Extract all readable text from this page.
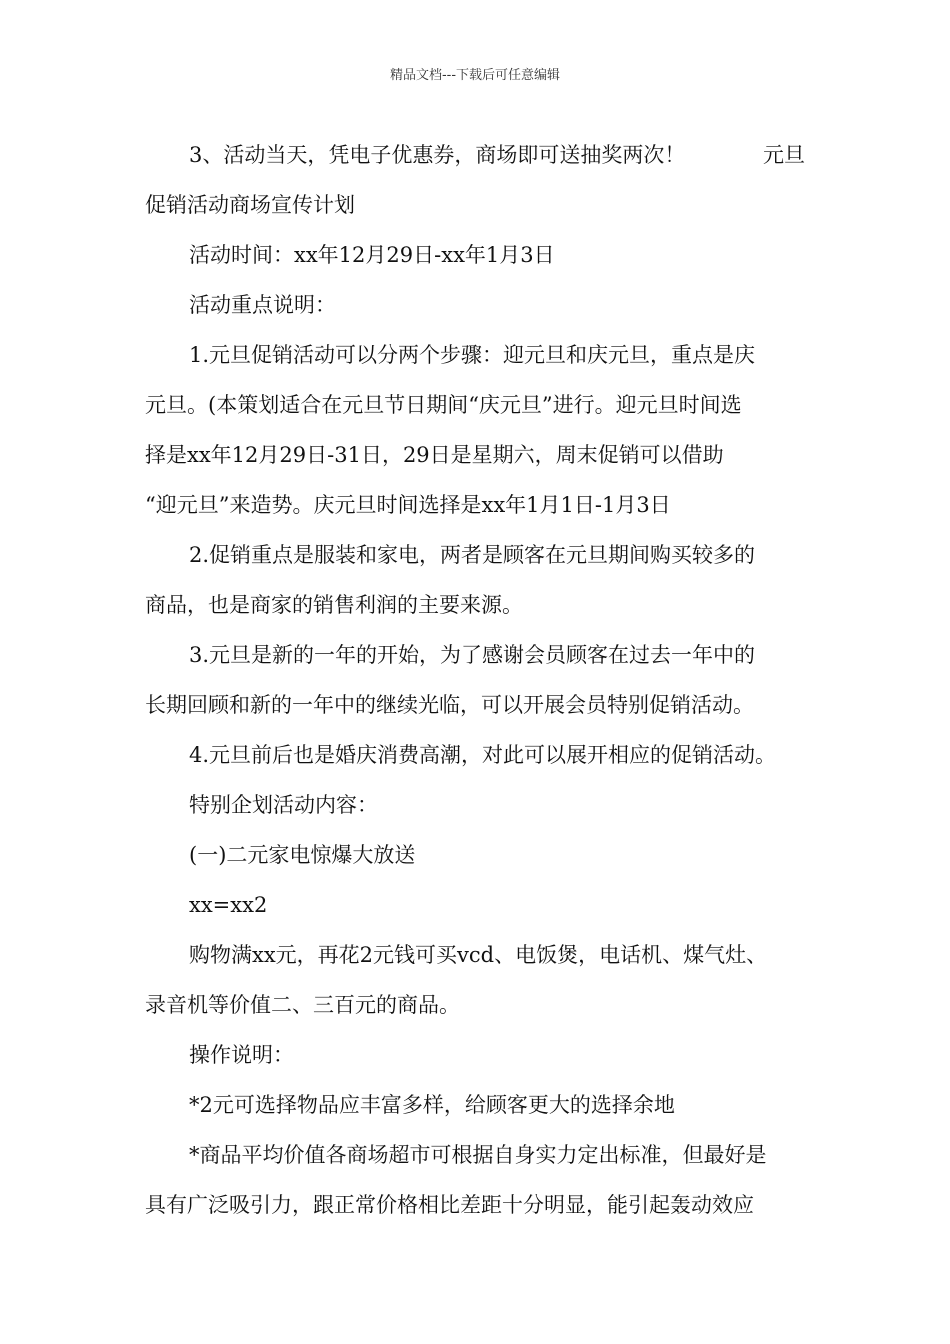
精品文档---下载后可任意编辑

3、活动当天，凭电子优惠券，商场即可送抽奖两次！	元旦

促销活动商场宣传计划

活动时间：xx年12月29日-xx年1月3日

活动重点说明：

1.元旦促销活动可以分两个步骤：迎元旦和庆元旦，重点是庆

元旦。(本策划适合在元旦节日期间“庆元旦”进行。迎元旦时间选

择是xx年12月29日-31日，29日是星期六，周末促销可以借助

“迎元旦”来造势。庆元旦时间选择是xx年1月1日-1月3日

2.促销重点是服装和家电，两者是顾客在元旦期间购买较多的

商品，也是商家的销售利润的主要来源。

3.元旦是新的一年的开始，为了感谢会员顾客在过去一年中的

长期回顾和新的一年中的继续光临，可以开展会员特别促销活动。

4.元旦前后也是婚庆消费高潮，对此可以展开相应的促销活动。

特别企划活动内容：

(一)二元家电惊爆大放送

xx=xx2

购物满xx元，再花2元钱可买vcd、电饭煲，电话机、煤气灶、

录音机等价值二、三百元的商品。

操作说明：

*2元可选择物品应丰富多样，给顾客更大的选择余地

*商品平均价值各商场超市可根据自身实力定出标准，但最好是

具有广泛吸引力，跟正常价格相比差距十分明显，能引起轰动效应
